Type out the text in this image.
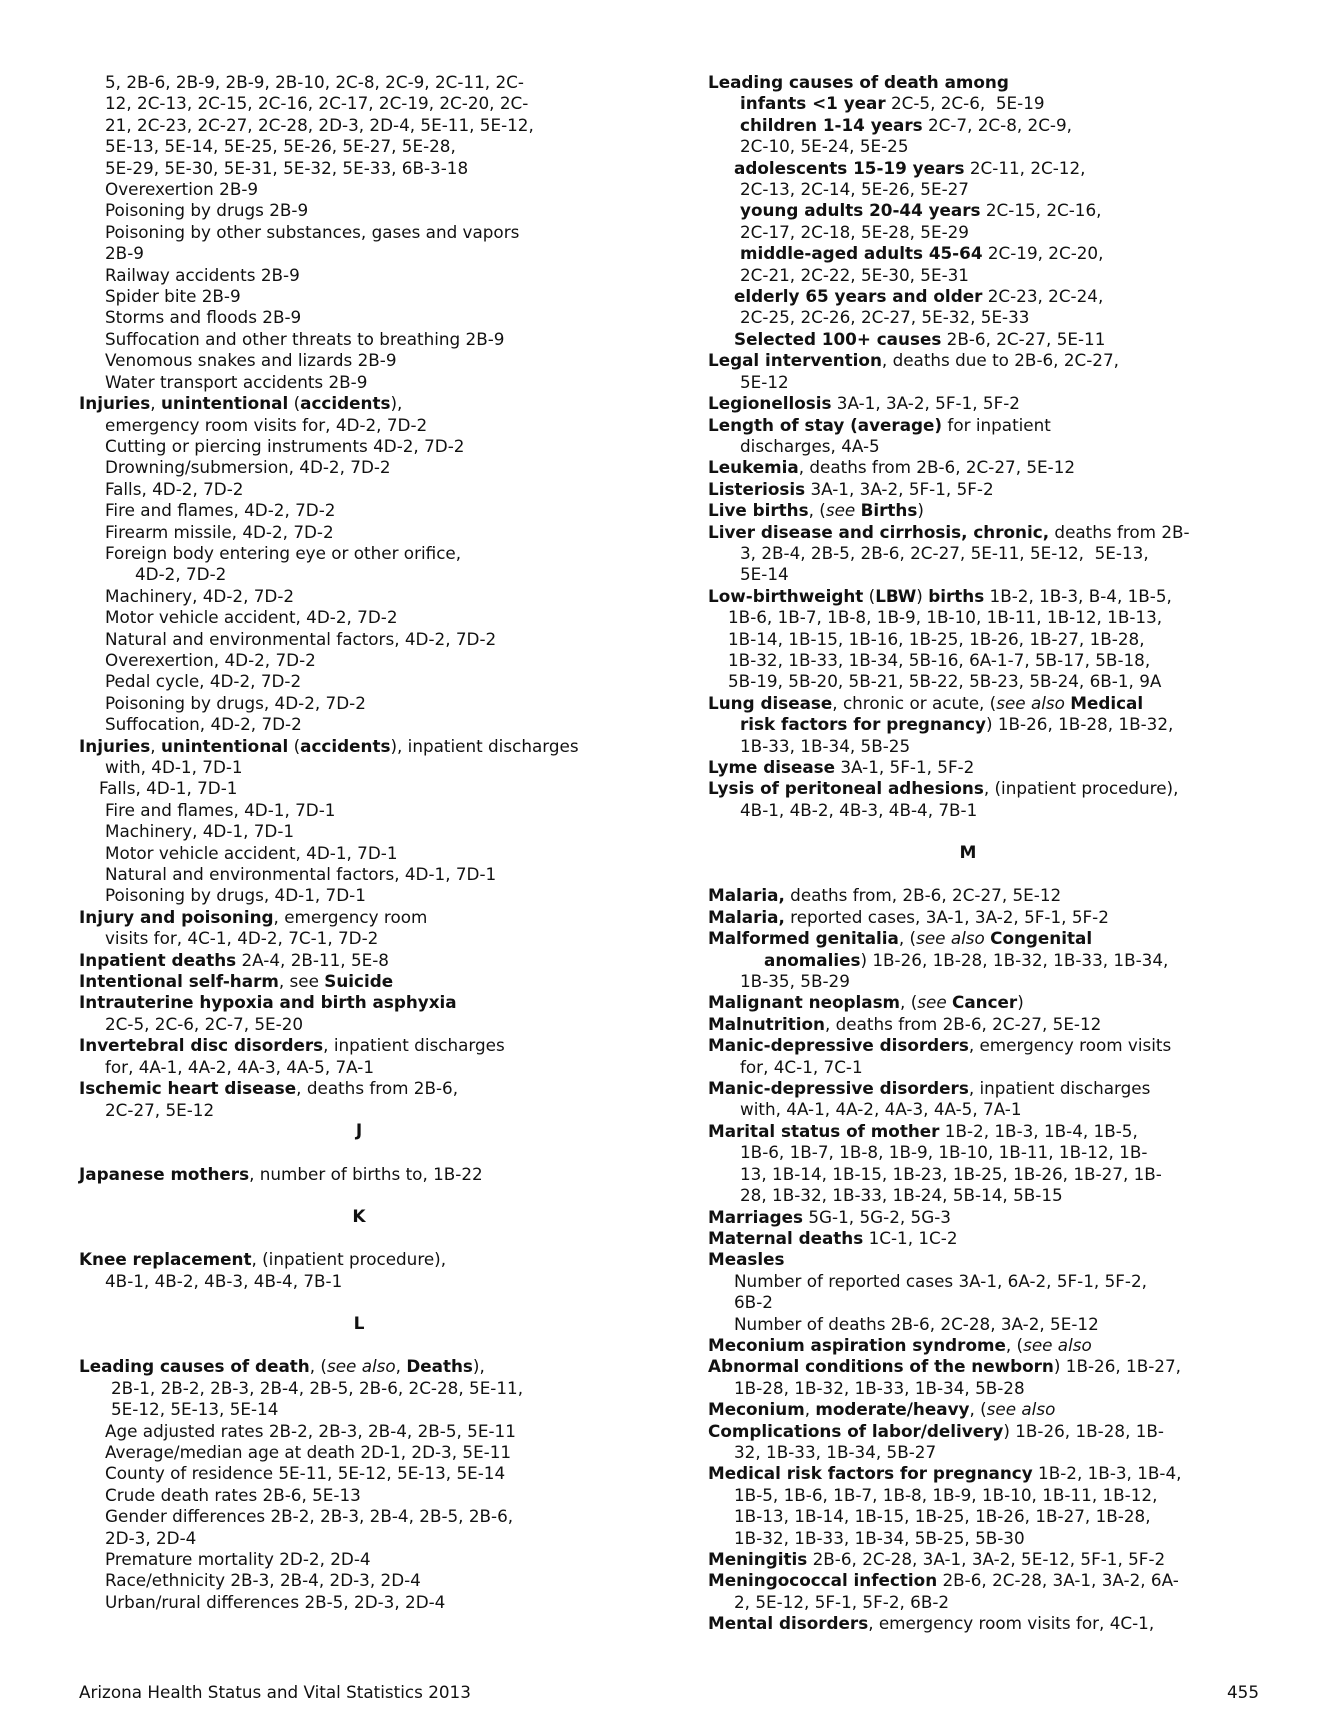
5, 2B-6, 2B-9, 2B-9, 2B-10, 2C-8, 2C-9, 2C-11, 2C-
12, 2C-13, 2C-15, 2C-16, 2C-17, 2C-19, 2C-20, 2C-
21, 2C-23, 2C-27, 2C-28, 2D-3, 2D-4, 5E-11, 5E-12,
5E-13, 5E-14, 5E-25, 5E-26, 5E-27, 5E-28,
5E-29, 5E-30, 5E-31, 5E-32, 5E-33, 6B-3-18
Overexertion 2B-9
Poisoning by drugs 2B-9
Poisoning by other substances, gases and vapors
2B-9
Railway accidents 2B-9
Spider bite 2B-9
Storms and floods 2B-9
Suffocation and other threats to breathing 2B-9
Venomous snakes and lizards 2B-9
Water transport accidents 2B-9
Injuries, unintentional (accidents),
emergency room visits for, 4D-2, 7D-2
Cutting or piercing instruments 4D-2, 7D-2
Drowning/submersion, 4D-2, 7D-2
Falls, 4D-2, 7D-2
Fire and flames, 4D-2, 7D-2
Firearm missile, 4D-2, 7D-2
Foreign body entering eye or other orifice,
4D-2, 7D-2
Machinery, 4D-2, 7D-2
Motor vehicle accident, 4D-2, 7D-2
Natural and environmental factors, 4D-2, 7D-2
Overexertion, 4D-2, 7D-2
Pedal cycle, 4D-2, 7D-2
Poisoning by drugs, 4D-2, 7D-2
Suffocation, 4D-2, 7D-2
Injuries, unintentional (accidents), inpatient discharges
with, 4D-1, 7D-1
Falls, 4D-1, 7D-1
Fire and flames, 4D-1, 7D-1
Machinery, 4D-1, 7D-1
Motor vehicle accident, 4D-1, 7D-1
Natural and environmental factors, 4D-1, 7D-1
Poisoning by drugs, 4D-1, 7D-1
Injury and poisoning, emergency room
visits for, 4C-1, 4D-2, 7C-1, 7D-2
Inpatient deaths 2A-4, 2B-11, 5E-8
Intentional self-harm, see Suicide
Intrauterine hypoxia and birth asphyxia
2C-5, 2C-6, 2C-7, 5E-20
Invertebral disc disorders, inpatient discharges
for, 4A-1, 4A-2, 4A-3, 4A-5, 7A-1
Ischemic heart disease, deaths from 2B-6,
2C-27, 5E-12
J
Japanese mothers, number of births to, 1B-22
K
Knee replacement, (inpatient procedure),
4B-1, 4B-2, 4B-3, 4B-4, 7B-1
L
Leading causes of death, (see also, Deaths),
2B-1, 2B-2, 2B-3, 2B-4, 2B-5, 2B-6, 2C-28, 5E-11,
5E-12, 5E-13, 5E-14
Age adjusted rates 2B-2, 2B-3, 2B-4, 2B-5, 5E-11
Average/median age at death 2D-1, 2D-3, 5E-11
County of residence 5E-11, 5E-12, 5E-13, 5E-14
Crude death rates 2B-6, 5E-13
Gender differences 2B-2, 2B-3, 2B-4, 2B-5, 2B-6,
2D-3, 2D-4
Premature mortality 2D-2, 2D-4
Race/ethnicity 2B-3, 2B-4, 2D-3, 2D-4
Urban/rural differences 2B-5, 2D-3, 2D-4
Leading causes of death among
infants <1 year 2C-5, 2C-6,  5E-19
children 1-14 years 2C-7, 2C-8, 2C-9,
2C-10, 5E-24, 5E-25
adolescents 15-19 years 2C-11, 2C-12,
2C-13, 2C-14, 5E-26, 5E-27
young adults 20-44 years 2C-15, 2C-16,
2C-17, 2C-18, 5E-28, 5E-29
middle-aged adults 45-64 2C-19, 2C-20,
2C-21, 2C-22, 5E-30, 5E-31
elderly 65 years and older 2C-23, 2C-24,
2C-25, 2C-26, 2C-27, 5E-32, 5E-33
Selected 100+ causes 2B-6, 2C-27, 5E-11
Legal intervention, deaths due to 2B-6, 2C-27,
5E-12
Legionellosis 3A-1, 3A-2, 5F-1, 5F-2
Length of stay (average) for inpatient
discharges, 4A-5
Leukemia, deaths from 2B-6, 2C-27, 5E-12
Listeriosis 3A-1, 3A-2, 5F-1, 5F-2
Live births, (see Births)
Liver disease and cirrhosis, chronic, deaths from 2B-
3, 2B-4, 2B-5, 2B-6, 2C-27, 5E-11, 5E-12,  5E-13,
5E-14
Low-birthweight (LBW) births 1B-2, 1B-3, B-4, 1B-5,
1B-6, 1B-7, 1B-8, 1B-9, 1B-10, 1B-11, 1B-12, 1B-13,
1B-14, 1B-15, 1B-16, 1B-25, 1B-26, 1B-27, 1B-28,
1B-32, 1B-33, 1B-34, 5B-16, 6A-1-7, 5B-17, 5B-18,
5B-19, 5B-20, 5B-21, 5B-22, 5B-23, 5B-24, 6B-1, 9A
Lung disease, chronic or acute, (see also Medical
risk factors for pregnancy) 1B-26, 1B-28, 1B-32,
1B-33, 1B-34, 5B-25
Lyme disease 3A-1, 5F-1, 5F-2
Lysis of peritoneal adhesions, (inpatient procedure),
4B-1, 4B-2, 4B-3, 4B-4, 7B-1
M
Malaria, deaths from, 2B-6, 2C-27, 5E-12
Malaria, reported cases, 3A-1, 3A-2, 5F-1, 5F-2
Malformed genitalia, (see also Congenital
anomalies) 1B-26, 1B-28, 1B-32, 1B-33, 1B-34,
1B-35, 5B-29
Malignant neoplasm, (see Cancer)
Malnutrition, deaths from 2B-6, 2C-27, 5E-12
Manic-depressive disorders, emergency room visits
for, 4C-1, 7C-1
Manic-depressive disorders, inpatient discharges
with, 4A-1, 4A-2, 4A-3, 4A-5, 7A-1
Marital status of mother 1B-2, 1B-3, 1B-4, 1B-5,
1B-6, 1B-7, 1B-8, 1B-9, 1B-10, 1B-11, 1B-12, 1B-
13, 1B-14, 1B-15, 1B-23, 1B-25, 1B-26, 1B-27, 1B-
28, 1B-32, 1B-33, 1B-24, 5B-14, 5B-15
Marriages 5G-1, 5G-2, 5G-3
Maternal deaths 1C-1, 1C-2
Measles
Number of reported cases 3A-1, 6A-2, 5F-1, 5F-2,
6B-2
Number of deaths 2B-6, 2C-28, 3A-2, 5E-12
Meconium aspiration syndrome, (see also
Abnormal conditions of the newborn) 1B-26, 1B-27,
1B-28, 1B-32, 1B-33, 1B-34, 5B-28
Meconium, moderate/heavy, (see also
Complications of labor/delivery) 1B-26, 1B-28, 1B-
32, 1B-33, 1B-34, 5B-27
Medical risk factors for pregnancy 1B-2, 1B-3, 1B-4,
1B-5, 1B-6, 1B-7, 1B-8, 1B-9, 1B-10, 1B-11, 1B-12,
1B-13, 1B-14, 1B-15, 1B-25, 1B-26, 1B-27, 1B-28,
1B-32, 1B-33, 1B-34, 5B-25, 5B-30
Meningitis 2B-6, 2C-28, 3A-1, 3A-2, 5E-12, 5F-1, 5F-2
Meningococcal infection 2B-6, 2C-28, 3A-1, 3A-2, 6A-
2, 5E-12, 5F-1, 5F-2, 6B-2
Mental disorders, emergency room visits for, 4C-1,
Arizona Health Status and Vital Statistics 2013	455
